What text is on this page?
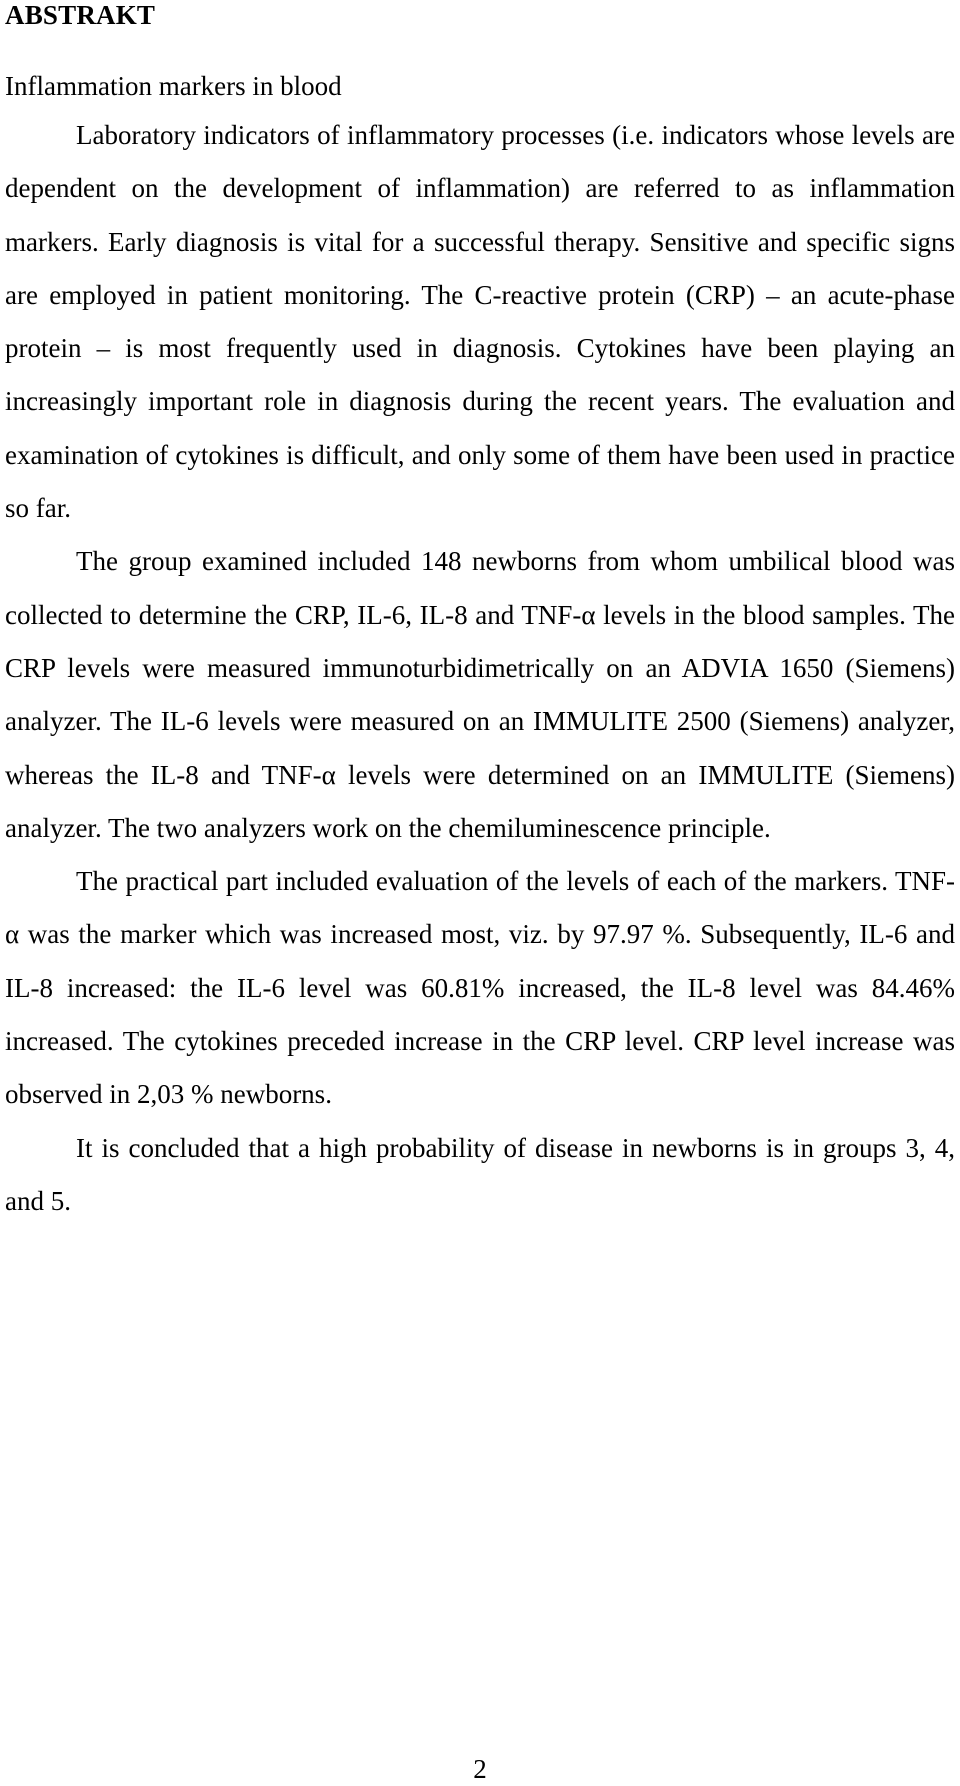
ABSTRAKT
Inflammation markers in blood

Laboratory indicators of inflammatory processes (i.e. indicators whose levels are dependent on the development of inflammation) are referred to as inflammation markers. Early diagnosis is vital for a successful therapy. Sensitive and specific signs are employed in patient monitoring. The C-reactive protein (CRP) – an acute-phase protein – is most frequently used in diagnosis. Cytokines have been playing an increasingly important role in diagnosis during the recent years. The evaluation and examination of cytokines is difficult, and only some of them have been used in practice so far.

The group examined included 148 newborns from whom umbilical blood was collected to determine the CRP, IL-6, IL-8 and TNF-α levels in the blood samples. The CRP levels were measured immunoturbidimetrically on an ADVIA 1650 (Siemens) analyzer. The IL-6 levels were measured on an IMMULITE 2500 (Siemens) analyzer, whereas the IL-8 and TNF-α levels were determined on an IMMULITE (Siemens) analyzer. The two analyzers work on the chemiluminescence principle.

The practical part included evaluation of the levels of each of the markers. TNF-α was the marker which was increased most, viz. by 97.97 %. Subsequently, IL-6 and IL-8 increased: the IL-6 level was 60.81% increased, the IL-8 level was 84.46% increased. The cytokines preceded increase in the CRP level. CRP level increase was observed in 2,03 % newborns.

It is concluded that a high probability of disease in newborns is in groups 3, 4, and 5.

2
